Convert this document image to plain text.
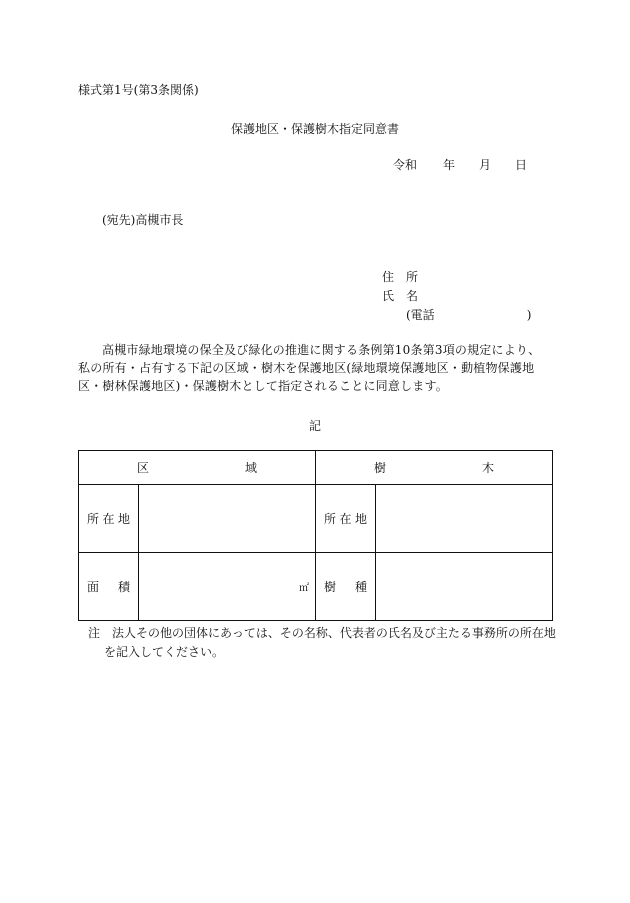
様式第1号(第3条関係)
保護地区・保護樹木指定同意書
令和 年 月 日
(宛先)高槻市長
住　所
氏　名
(電話	)
高槻市緑地環境の保全及び緑化の推進に関する条例第10条第3項の規定により、私の所有・占有する下記の区域・樹木を保護地区(緑地環境保護地区・動植物保護地区・樹林保護地区)・保護樹木として指定されることに同意します。
記
区 域		樹 木	

所 在 地		所 在 地	

面 積	㎡	樹 種	

注 法人その他の団体にあっては、その名称、代表者の氏名及び主たる事務所の所在地
を記入してください。
